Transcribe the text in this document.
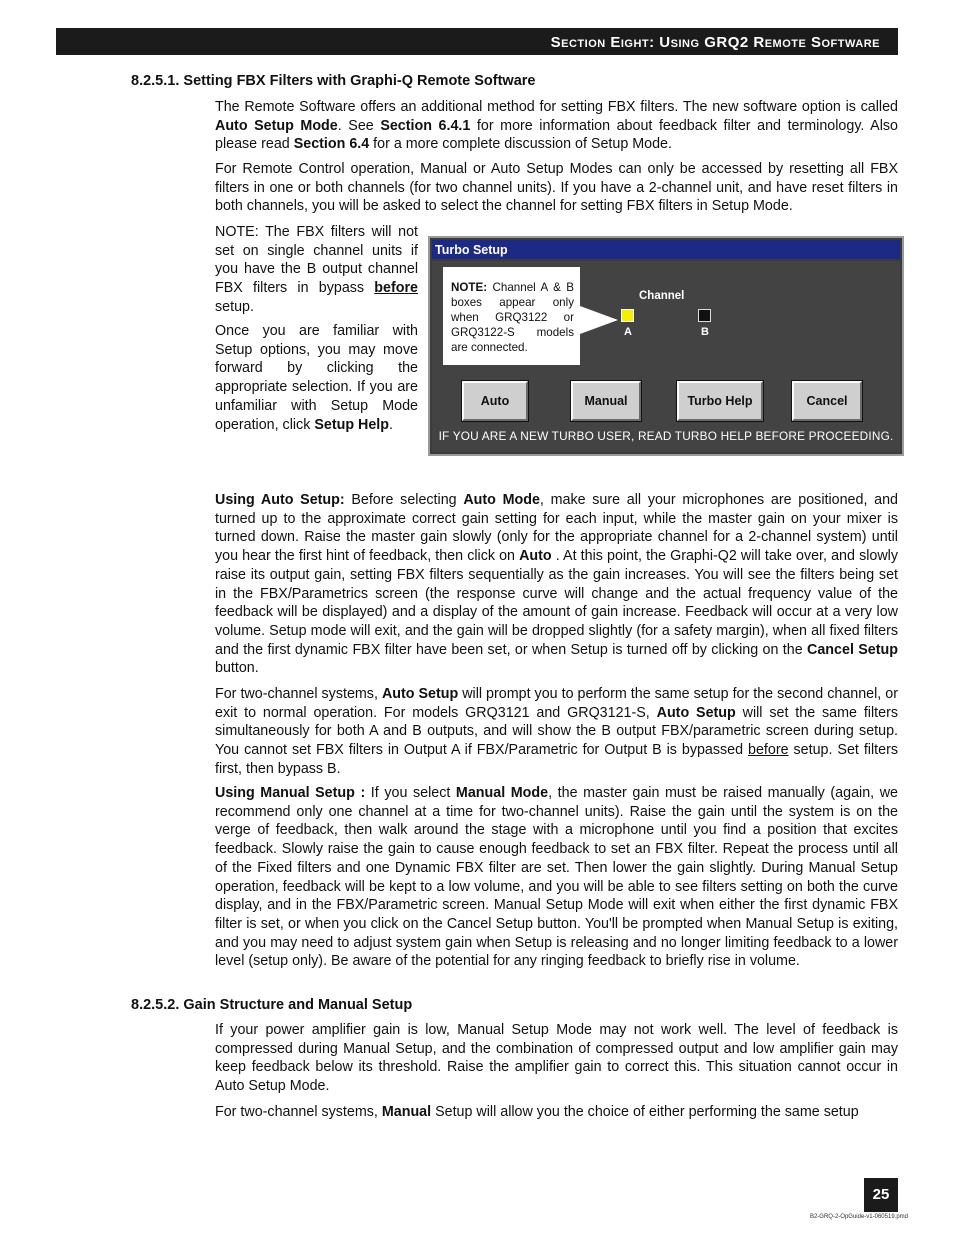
Section Eight: Using GRQ2 Remote Software
8.2.5.1. Setting FBX Filters with Graphi-Q Remote Software

The Remote Software offers an additional method for setting FBX filters. The new software option is called Auto Setup Mode. See Section 6.4.1 for more information about feedback filter and terminology. Also please read Section 6.4 for a more complete discussion of Setup Mode.

For Remote Control operation, Manual or Auto Setup Modes can only be accessed by resetting all FBX filters in one or both channels (for two channel units). If you have a 2-channel unit, and have reset filters in both channels, you will be asked to select the channel for setting FBX filters in Setup Mode.

NOTE: The FBX filters will not set on single channel units if you have the B output channel FBX filters in bypass before setup.

Once you are familiar with Setup options, you may move forward by clicking the appropriate selection. If you are unfamiliar with Setup Mode operation, click Setup Help.

Turbo Setup
NOTE: Channel A & B boxes appear only when GRQ3122 or GRQ3122-S models are connected.
Channel
A	B
Auto	Manual	Turbo Help	Cancel
IF YOU ARE A NEW TURBO USER, READ TURBO HELP BEFORE PROCEEDING.

Using Auto Setup: Before selecting Auto Mode, make sure all your microphones are positioned, and turned up to the approximate correct gain setting for each input, while the master gain on your mixer is turned down. Raise the master gain slowly (only for the appropriate channel for a 2-channel system) until you hear the first hint of feedback, then click on Auto . At this point, the Graphi-Q2 will take over, and slowly raise its output gain, setting FBX filters sequentially as the gain increases. You will see the filters being set in the FBX/Parametrics screen (the response curve will change and the actual frequency value of the feedback will be displayed) and a display of the amount of gain increase. Feedback will occur at a very low volume. Setup mode will exit, and the gain will be dropped slightly (for a safety margin), when all fixed filters and the first dynamic FBX filter have been set, or when Setup is turned off by clicking on the Cancel Setup button.

For two-channel systems, Auto Setup will prompt you to perform the same setup for the second channel, or exit to normal operation. For models GRQ3121 and GRQ3121-S, Auto Setup will set the same filters simultaneously for both A and B outputs, and will show the B output FBX/parametric screen during setup. You cannot set FBX filters in Output A if FBX/Parametric for Output B is bypassed before setup. Set filters first, then bypass B.

Using Manual Setup : If you select Manual Mode, the master gain must be raised manually (again, we recommend only one channel at a time for two-channel units). Raise the gain until the system is on the verge of feedback, then walk around the stage with a microphone until you find a position that excites feedback. Slowly raise the gain to cause enough feedback to set an FBX filter. Repeat the process until all of the Fixed filters and one Dynamic FBX filter are set. Then lower the gain slightly. During Manual Setup operation, feedback will be kept to a low volume, and you will be able to see filters setting on both the curve display, and in the FBX/Parametric screen. Manual Setup Mode will exit when either the first dynamic FBX filter is set, or when you click on the Cancel Setup button. You'll be prompted when Manual Setup is exiting, and you may need to adjust system gain when Setup is releasing and no longer limiting feedback to a lower level (setup only). Be aware of the potential for any ringing feedback to briefly rise in volume.

8.2.5.2. Gain Structure and Manual Setup

If your power amplifier gain is low, Manual Setup Mode may not work well. The level of feedback is compressed during Manual Setup, and the combination of compressed output and low amplifier gain may keep feedback below its threshold. Raise the amplifier gain to correct this. This situation cannot occur in Auto Setup Mode.

For two-channel systems, Manual Setup will allow you the choice of either performing the same setup

25
B2-GRQ-2-OpGuide-v1-060519.pmd
